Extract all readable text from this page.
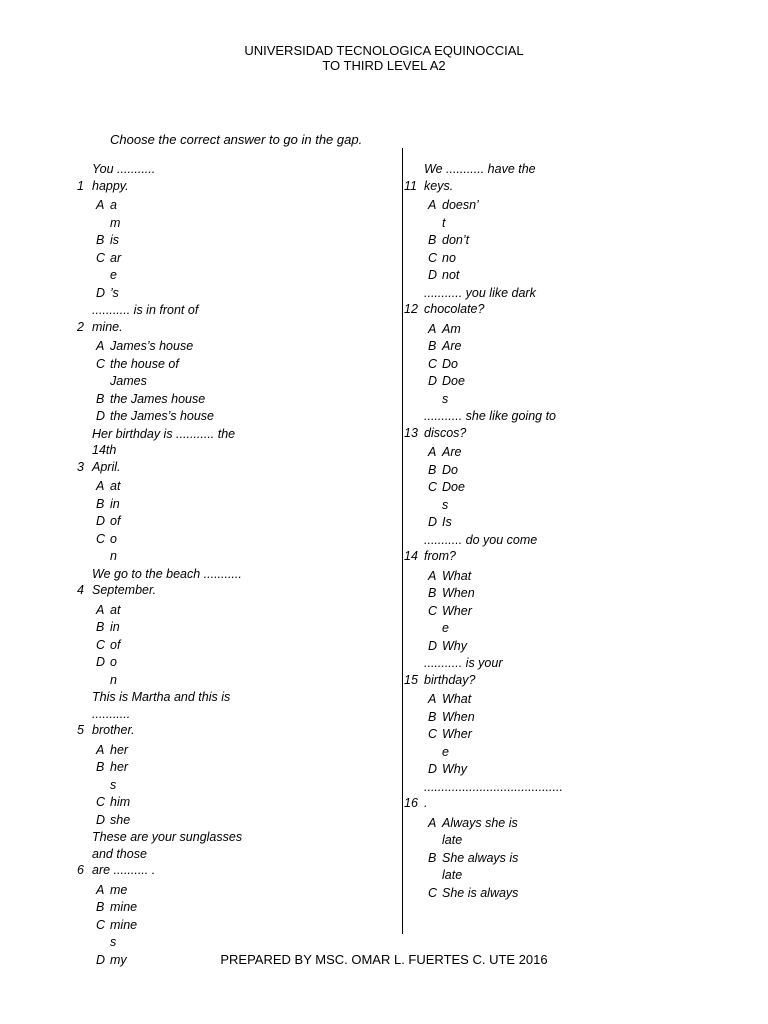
UNIVERSIDAD TECNOLOGICA EQUINOCCIAL
TO THIRD LEVEL A2
Choose the correct answer to go in the gap.
You ...........
happy.
1
A a
m
B is
C ar
e
D ’s
........... is in front of
mine.
2
A James’s house
C the house of
James
B the James house
D the James’s house
Her birthday is ........... the 14th
April.
3
A at
B in
D of
C o
n
We go to the beach ...........
September.
4
A at
B in
C of
D o
n
This is Martha and this is ...........
brother.
5
A her
B her
s
C him
D she
These are your sunglasses and those
are .......... .
6
A me
B mine
C mine
s
D my
We ........... have the
keys.
11
A doesn’
t
B don’t
C no
D not
........... you like dark
chocolate?
12
A Am
B Are
C Do
D Doe
s
........... she like going to
discos?
13
A Are
B Do
C Doe
s
D Is
........... do you come
from?
14
A What
B When
C Wher
e
D Why
........... is your
birthday?
15
A What
B When
C Wher
e
D Why
........................................
.
16
A Always she is
late
B She always is
late
C She is always
PREPARED BY MSC. OMAR L. FUERTES C. UTE 2016
